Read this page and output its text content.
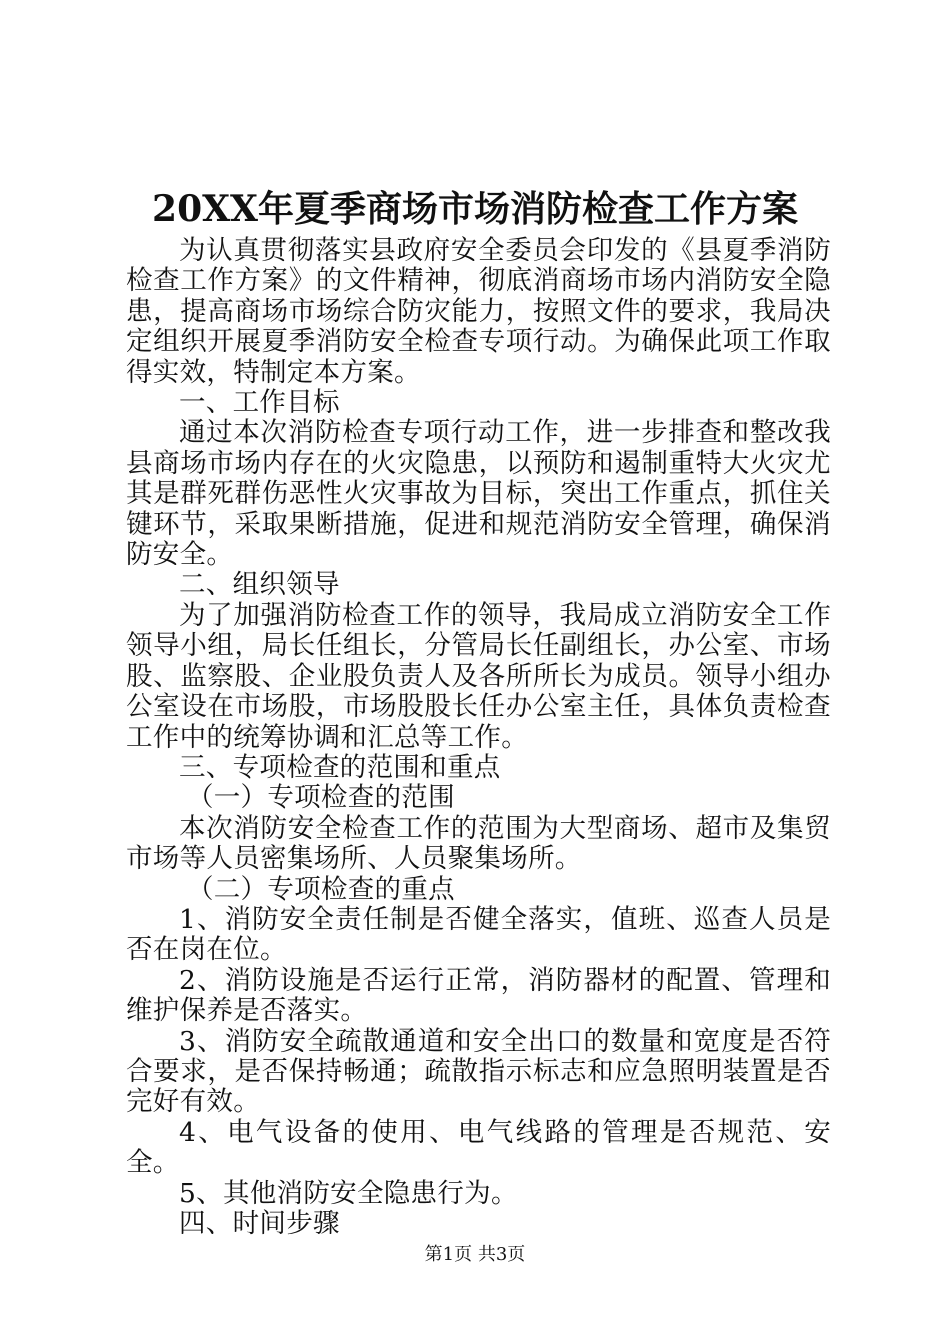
20XX年夏季商场市场消防检查工作方案

为认真贯彻落实县政府安全委员会印发的《县夏季消防检查工作方案》的文件精神，彻底消商场市场内消防安全隐患，提高商场市场综合防灾能力，按照文件的要求，我局决定组织开展夏季消防安全检查专项行动。为确保此项工作取得实效，特制定本方案。

一、工作目标

通过本次消防检查专项行动工作，进一步排查和整改我县商场市场内存在的火灾隐患，以预防和遏制重特大火灾尤其是群死群伤恶性火灾事故为目标，突出工作重点，抓住关键环节，采取果断措施，促进和规范消防安全管理，确保消防安全。

二、组织领导

为了加强消防检查工作的领导，我局成立消防安全工作领导小组，局长任组长，分管局长任副组长，办公室、市场股、监察股、企业股负责人及各所所长为成员。领导小组办公室设在市场股，市场股股长任办公室主任，具体负责检查工作中的统筹协调和汇总等工作。

三、专项检查的范围和重点

（一）专项检查的范围

本次消防安全检查工作的范围为大型商场、超市及集贸市场等人员密集场所、人员聚集场所。

（二）专项检查的重点

1、消防安全责任制是否健全落实，值班、巡查人员是否在岗在位。

2、消防设施是否运行正常，消防器材的配置、管理和维护保养是否落实。

3、消防安全疏散通道和安全出口的数量和宽度是否符合要求，是否保持畅通；疏散指示标志和应急照明装置是否完好有效。

4、电气设备的使用、电气线路的管理是否规范、安全。

5、其他消防安全隐患行为。

四、时间步骤

第1页 共3页
